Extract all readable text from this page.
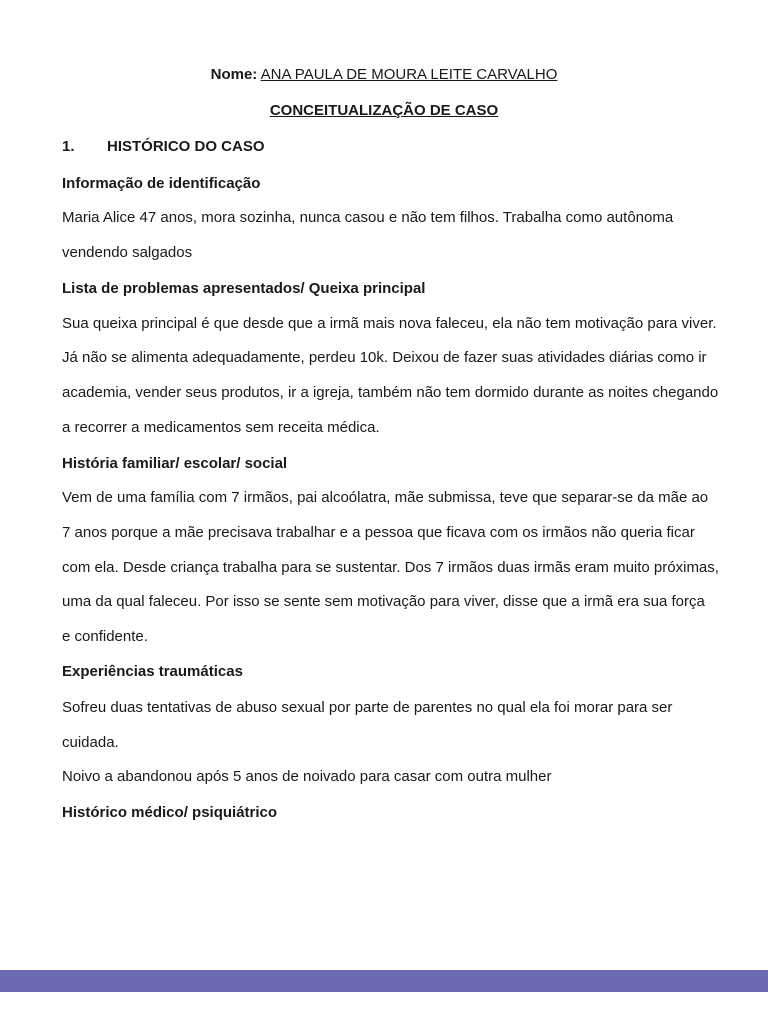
Nome: ANA PAULA DE MOURA LEITE CARVALHO
CONCEITUALIZAÇÃO DE CASO
1. HISTÓRICO DO CASO
Informação de identificação
Maria Alice 47 anos, mora sozinha, nunca casou e não tem filhos. Trabalha como autônoma
vendendo salgados
Lista de problemas apresentados/ Queixa principal
Sua queixa principal é que desde que a irmã mais nova faleceu, ela não tem motivação para viver.
Já não se alimenta adequadamente, perdeu 10k. Deixou de fazer suas atividades diárias como ir
academia, vender seus produtos, ir a igreja, também não tem dormido durante as noites chegando
a recorrer a medicamentos sem receita médica.
História familiar/ escolar/ social
Vem de uma família com 7 irmãos, pai alcoólatra, mãe submissa, teve que separar-se da mãe ao
7 anos porque a mãe precisava trabalhar e a pessoa que ficava com os irmãos não queria ficar
com ela. Desde criança trabalha para se sustentar. Dos 7 irmãos duas irmãs eram muito próximas,
uma da qual faleceu. Por isso se sente sem motivação para viver, disse que a irmã era sua força
e confidente.
Experiências traumáticas
Sofreu duas tentativas de abuso sexual por parte de parentes no qual ela foi morar para ser
cuidada.
Noivo a abandonou após 5 anos de noivado para casar com outra mulher
Histórico médico/ psiquiátrico
